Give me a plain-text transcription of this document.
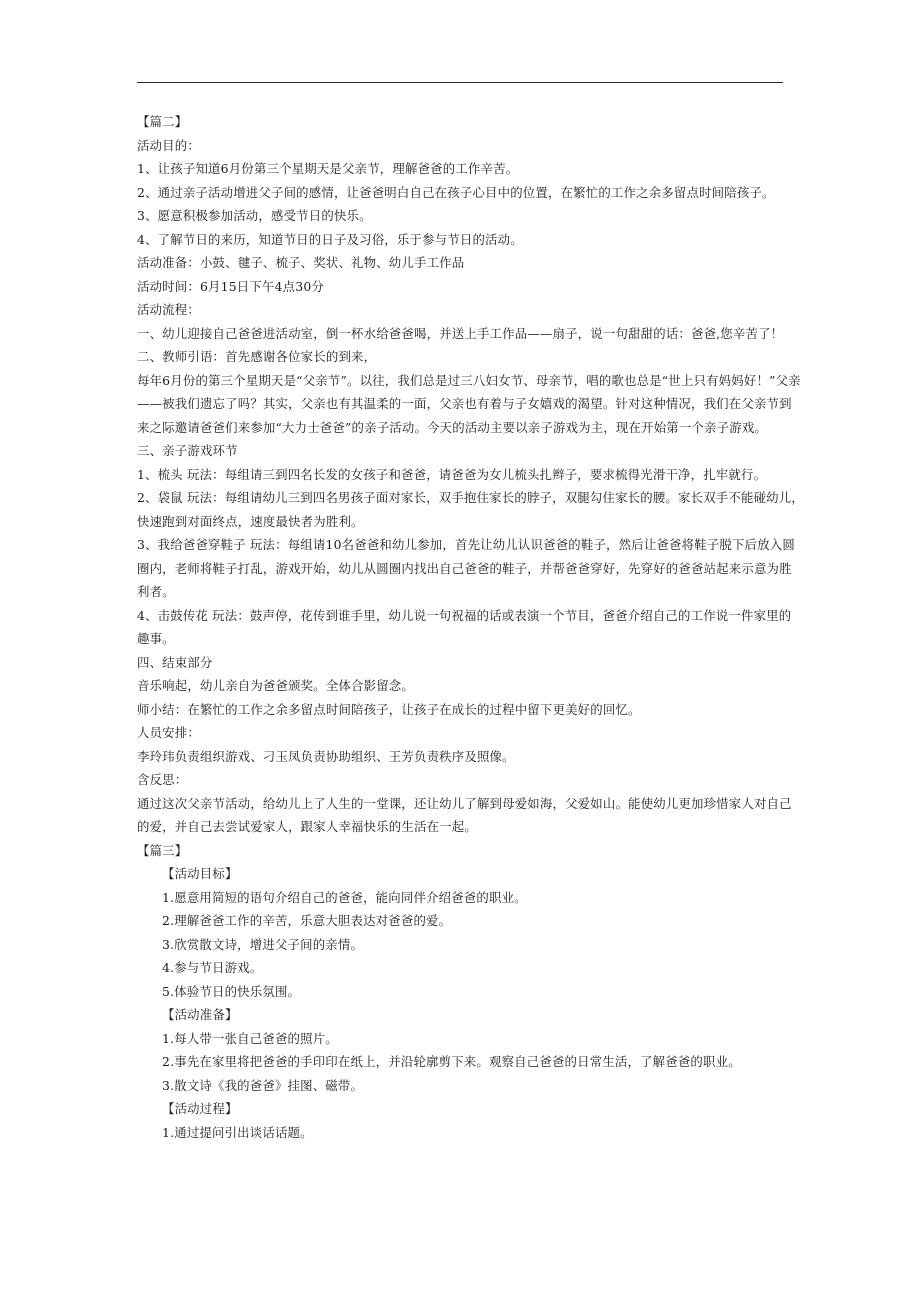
【篇二】
活动目的：
1、让孩子知道6月份第三个星期天是父亲节，理解爸爸的工作辛苦。
2、通过亲子活动增进父子间的感情，让爸爸明白自己在孩子心目中的位置，在繁忙的工作之余多留点时间陪孩子。
3、愿意积极参加活动，感受节日的快乐。
4、了解节日的来历，知道节日的日子及习俗，乐于参与节日的活动。
活动准备：小鼓、毽子、梳子、奖状、礼物、幼儿手工作品
活动时间：6月15日下午4点30分
活动流程：
一、幼儿迎接自己爸爸进活动室，倒一杯水给爸爸喝，并送上手工作品——扇子，说一句甜甜的话：爸爸,您辛苦了！
二、教师引语：首先感谢各位家长的到来，
每年6月份的第三个星期天是“父亲节”。以往，我们总是过三八妇女节、母亲节，唱的歌也总是“世上只有妈妈好！”父亲
——被我们遗忘了吗？其实，父亲也有其温柔的一面，父亲也有着与子女嬉戏的渴望。针对这种情况，我们在父亲节到
来之际邀请爸爸们来参加“大力士爸爸”的亲子活动。今天的活动主要以亲子游戏为主，现在开始第一个亲子游戏。
三、亲子游戏环节
1、梳头 玩法：每组请三到四名长发的女孩子和爸爸，请爸爸为女儿梳头扎辫子，要求梳得光滑干净，扎牢就行。
2、袋鼠 玩法：每组请幼儿三到四名男孩子面对家长，双手抱住家长的脖子，双腿勾住家长的腰。家长双手不能碰幼儿，
快速跑到对面终点，速度最快者为胜利。
3、我给爸爸穿鞋子 玩法：每组请10名爸爸和幼儿参加，首先让幼儿认识爸爸的鞋子，然后让爸爸将鞋子脱下后放入圆
圈内，老师将鞋子打乱，游戏开始，幼儿从圆圈内找出自己爸爸的鞋子，并帮爸爸穿好，先穿好的爸爸站起来示意为胜
利者。
4、击鼓传花 玩法：鼓声停，花传到谁手里，幼儿说一句祝福的话或表演一个节目，爸爸介绍自己的工作说一件家里的
趣事。
四、结束部分
音乐响起，幼儿亲自为爸爸颁奖。全体合影留念。
师小结：在繁忙的工作之余多留点时间陪孩子，让孩子在成长的过程中留下更美好的回忆。
人员安排：
李玲玮负责组织游戏、刁玉凤负责协助组织、王芳负责秩序及照像。
含反思：
通过这次父亲节活动，给幼儿上了人生的一堂课，还让幼儿了解到母爱如海，父爱如山。能使幼儿更加珍惜家人对自己
的爱，并自己去尝试爱家人，跟家人幸福快乐的生活在一起。
【篇三】
【活动目标】
1.愿意用简短的语句介绍自己的爸爸，能向同伴介绍爸爸的职业。
2.理解爸爸工作的辛苦，乐意大胆表达对爸爸的爱。
3.欣赏散文诗，增进父子间的亲情。
4.参与节日游戏。
5.体验节日的快乐氛围。
【活动准备】
1.每人带一张自己爸爸的照片。
2.事先在家里将把爸爸的手印印在纸上，并沿轮廓剪下来。观察自己爸爸的日常生活，了解爸爸的职业。
3.散文诗《我的爸爸》挂图、磁带。
【活动过程】
1.通过提问引出谈话话题。
